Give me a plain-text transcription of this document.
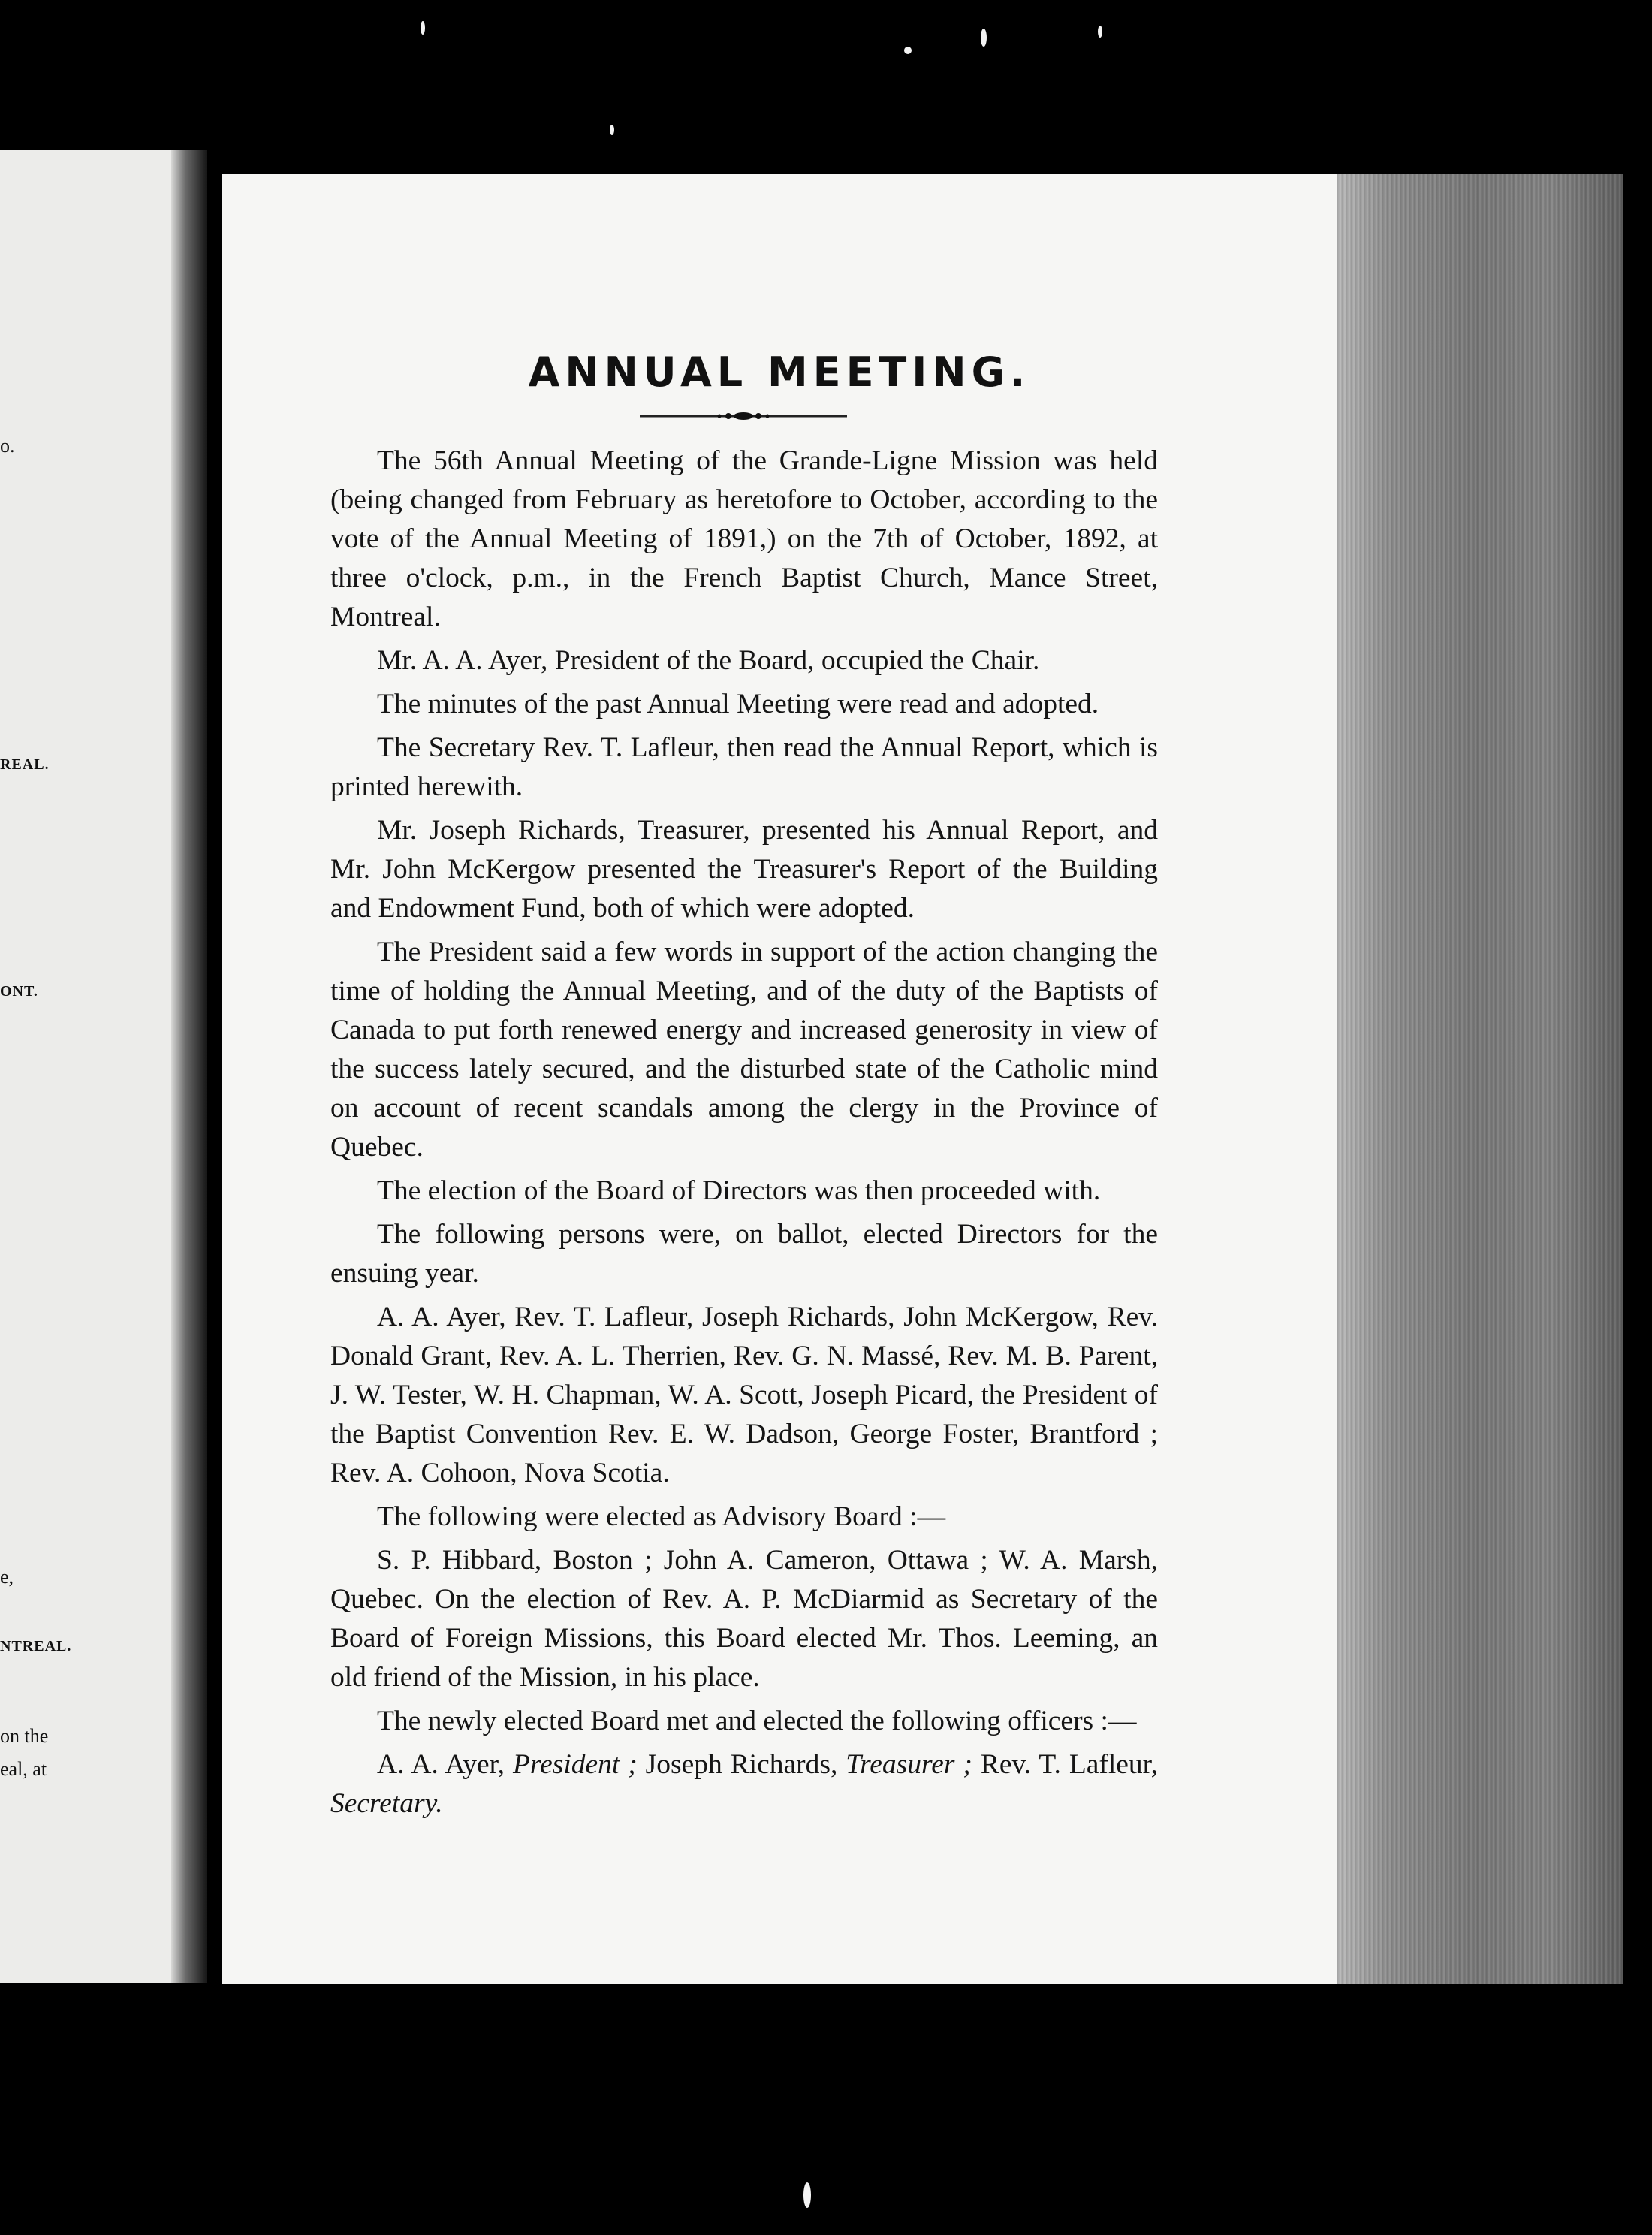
o.
REAL.
ONT.
e,
NTREAL.
on the
eal, at
ANNUAL MEETING.

The 56th Annual Meeting of the Grande-Ligne Mission was held (being changed from February as heretofore to October, according to the vote of the Annual Meeting of 1891,) on the 7th of October, 1892, at three o'clock, p.m., in the French Baptist Church, Mance Street, Montreal.

Mr. A. A. Ayer, President of the Board, occupied the Chair.

The minutes of the past Annual Meeting were read and adopted.

The Secretary Rev. T. Lafleur, then read the Annual Report, which is printed herewith.

Mr. Joseph Richards, Treasurer, presented his Annual Report, and Mr. John McKergow presented the Treasurer's Report of the Building and Endowment Fund, both of which were adopted.

The President said a few words in support of the action changing the time of holding the Annual Meeting, and of the duty of the Baptists of Canada to put forth renewed energy and increased generosity in view of the success lately secured, and the disturbed state of the Catholic mind on account of recent scandals among the clergy in the Province of Quebec.

The election of the Board of Directors was then proceeded with.

The following persons were, on ballot, elected Directors for the ensuing year.

A. A. Ayer, Rev. T. Lafleur, Joseph Richards, John McKergow, Rev. Donald Grant, Rev. A. L. Therrien, Rev. G. N. Massé, Rev. M. B. Parent, J. W. Tester, W. H. Chapman, W. A. Scott, Joseph Picard, the President of the Baptist Convention Rev. E. W. Dadson, George Foster, Brantford ; Rev. A. Cohoon, Nova Scotia.

The following were elected as Advisory Board :—

S. P. Hibbard, Boston ; John A. Cameron, Ottawa ; W. A. Marsh, Quebec. On the election of Rev. A. P. McDiarmid as Secretary of the Board of Foreign Missions, this Board elected Mr. Thos. Leeming, an old friend of the Mission, in his place.

The newly elected Board met and elected the following officers :—

A. A. Ayer, President ; Joseph Richards, Treasurer ; Rev. T. Lafleur, Secretary.
